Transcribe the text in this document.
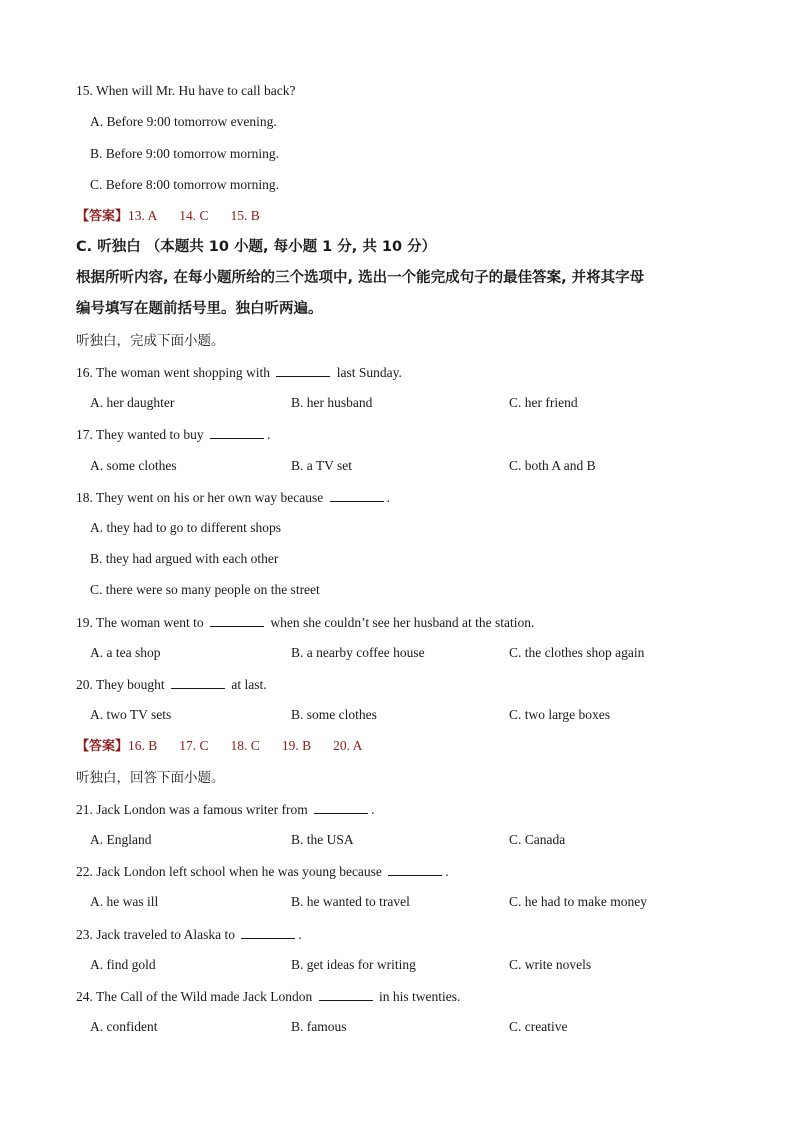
15. When will Mr. Hu have to call back?
A. Before 9:00 tomorrow evening.
B. Before 9:00 tomorrow morning.
C. Before 8:00 tomorrow morning.
【答案】13. A 14. C 15. B
C. 听独白 （本题共 10 小题, 每小题 1 分, 共 10 分）
根据所听内容, 在每小题所给的三个选项中, 选出一个能完成句子的最佳答案, 并将其字母
编号填写在题前括号里。独白听两遍。
听独白，完成下面小题。
16. The woman went shopping with	last Sunday.
A. her daughter	B. her husband	C. her friend
17. They wanted to buy	.
A. some clothes	B. a TV set	C. both A and B
18. They went on his or her own way because	.
A. they had to go to different shops
B. they had argued with each other
C. there were so many people on the street
19. The woman went to	when she couldn’t see her husband at the station.
A. a tea shop	B. a nearby coffee house	C. the clothes shop again
20. They bought	at last.
A. two TV sets	B. some clothes	C. two large boxes
【答案】16. B 17. C 18. C 19. B 20. A
听独白，回答下面小题。
21. Jack London was a famous writer from	.
A. England	B. the USA	C. Canada
22. Jack London left school when he was young because	.
A. he was ill	B. he wanted to travel	C. he had to make money
23. Jack traveled to Alaska to	.
A. find gold	B. get ideas for writing	C. write novels
24. The Call of the Wild made Jack London	in his twenties.
A. confident	B. famous	C. creative
